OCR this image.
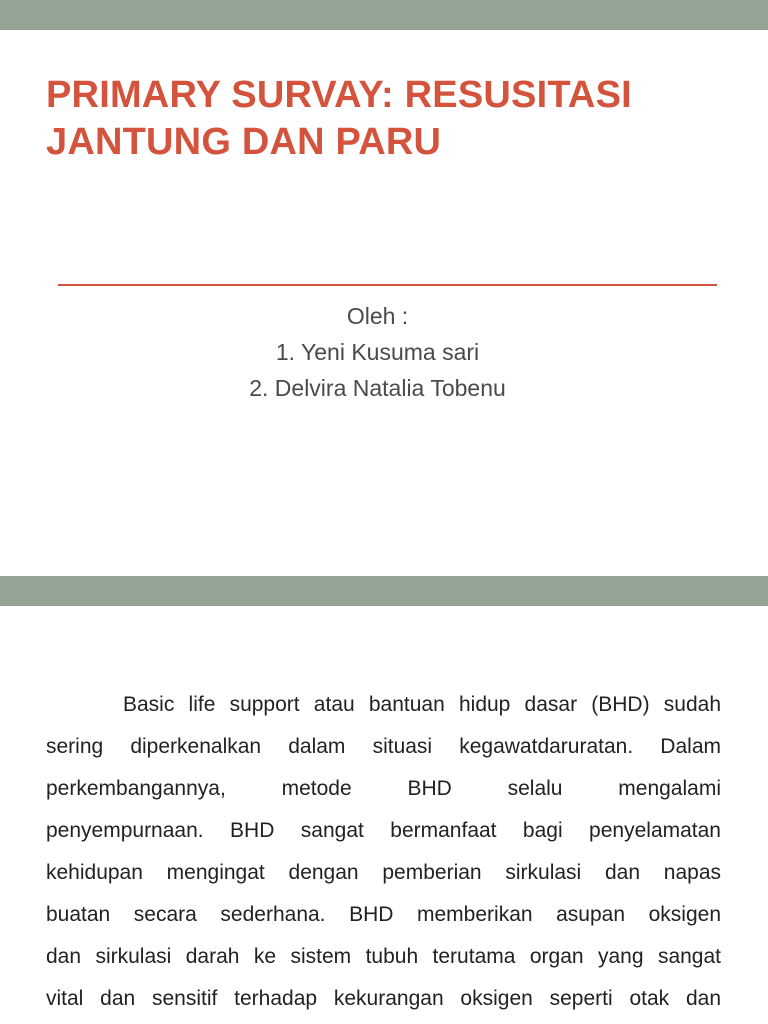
PRIMARY SURVAY: RESUSITASI
JANTUNG DAN PARU
Oleh :
1. Yeni Kusuma sari
2. Delvira Natalia Tobenu
Basic life support atau bantuan hidup dasar (BHD) sudah
sering diperkenalkan dalam situasi kegawatdaruratan. Dalam
perkembangannya, metode BHD selalu mengalami
penyempurnaan. BHD sangat bermanfaat bagi penyelamatan
kehidupan mengingat dengan pemberian sirkulasi dan napas
buatan secara sederhana. BHD memberikan asupan oksigen
dan sirkulasi darah ke sistem tubuh terutama organ yang sangat
vital dan sensitif terhadap kekurangan oksigen seperti otak dan
